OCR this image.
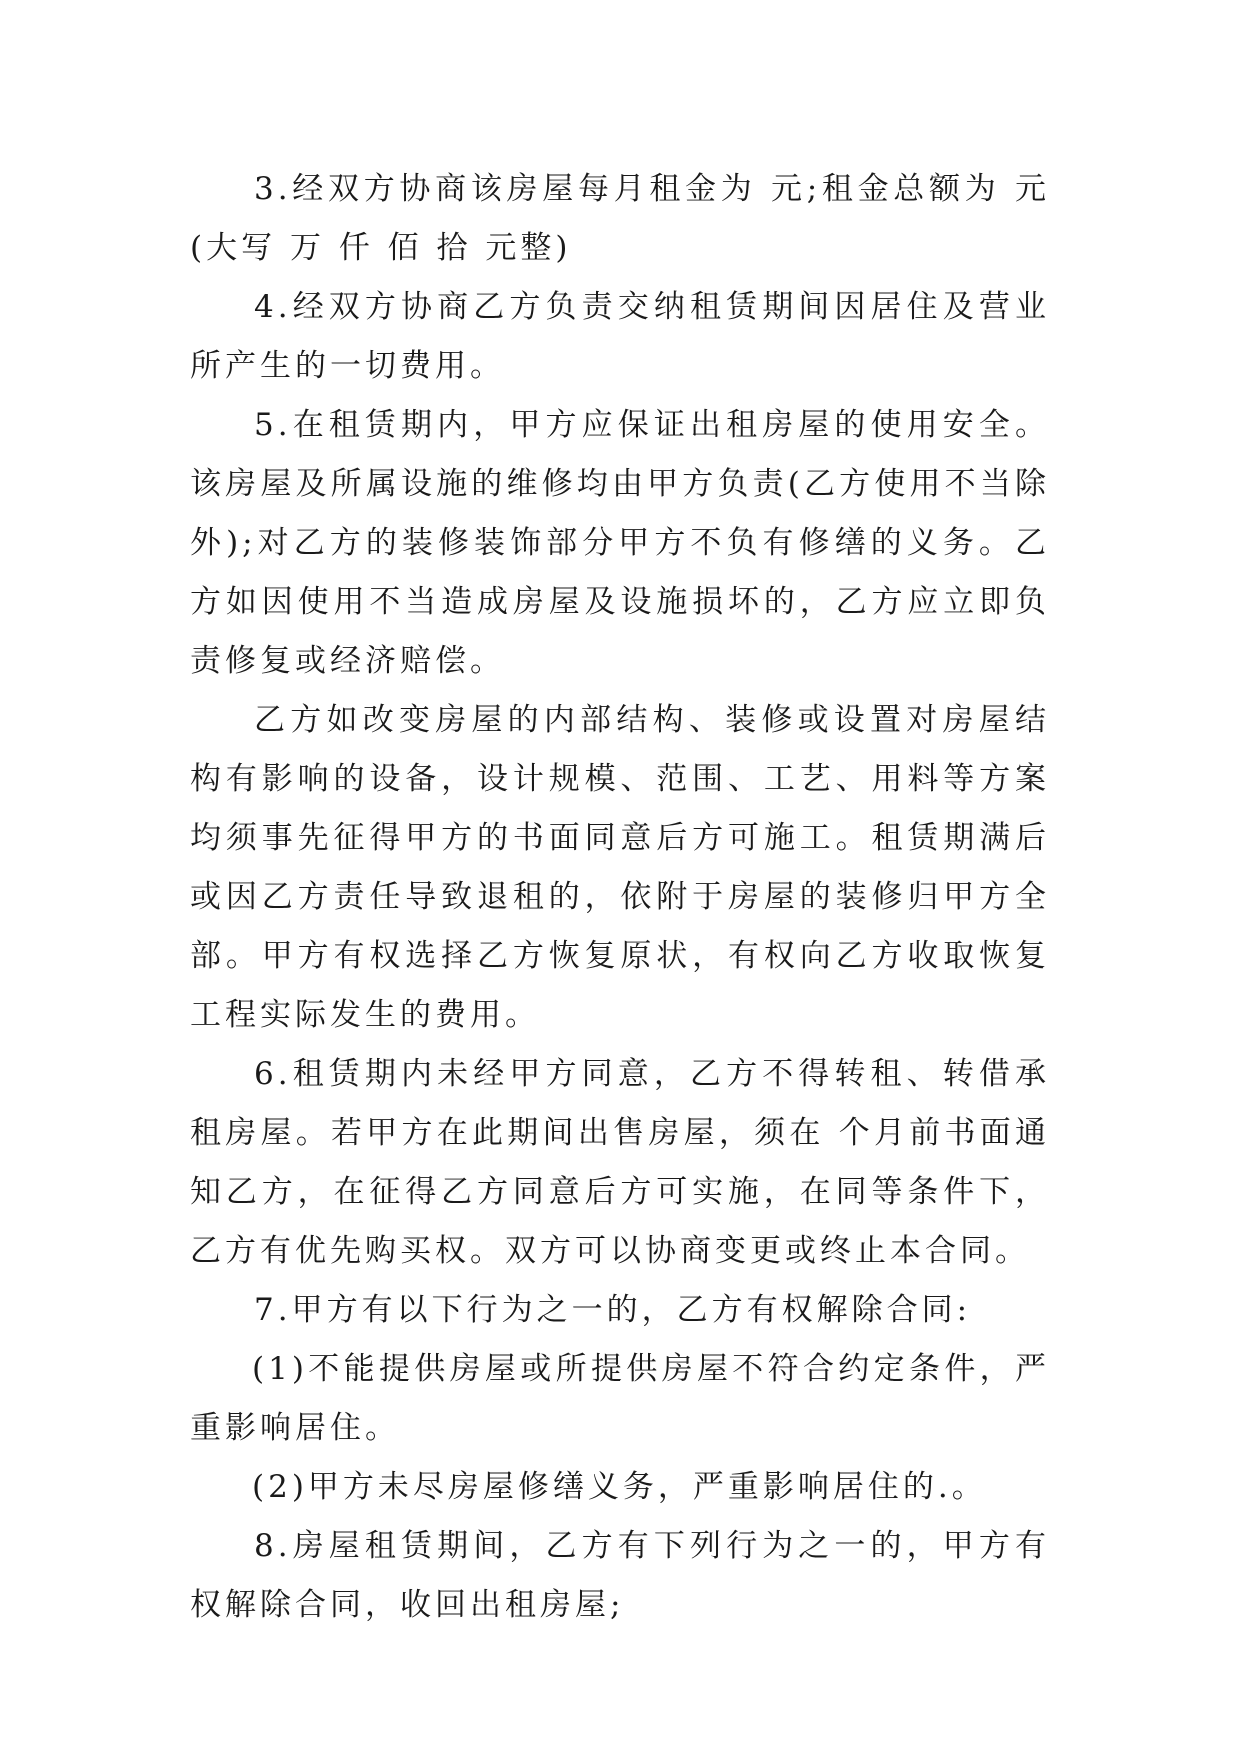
3.经双方协商该房屋每月租金为 元;租金总额为 元(大写 万 仟 佰 拾 元整)

4.经双方协商乙方负责交纳租赁期间因居住及营业所产生的一切费用。

5.在租赁期内，甲方应保证出租房屋的使用安全。该房屋及所属设施的维修均由甲方负责(乙方使用不当除外);对乙方的装修装饰部分甲方不负有修缮的义务。乙方如因使用不当造成房屋及设施损坏的，乙方应立即负责修复或经济赔偿。

乙方如改变房屋的内部结构、装修或设置对房屋结构有影响的设备，设计规模、范围、工艺、用料等方案均须事先征得甲方的书面同意后方可施工。租赁期满后或因乙方责任导致退租的，依附于房屋的装修归甲方全部。甲方有权选择乙方恢复原状，有权向乙方收取恢复工程实际发生的费用。

6.租赁期内未经甲方同意，乙方不得转租、转借承租房屋。若甲方在此期间出售房屋，须在 个月前书面通知乙方，在征得乙方同意后方可实施，在同等条件下，乙方有优先购买权。双方可以协商变更或终止本合同。

7.甲方有以下行为之一的，乙方有权解除合同:

(1)不能提供房屋或所提供房屋不符合约定条件，严重影响居住。

(2)甲方未尽房屋修缮义务，严重影响居住的.。

8.房屋租赁期间，乙方有下列行为之一的，甲方有权解除合同，收回出租房屋;
